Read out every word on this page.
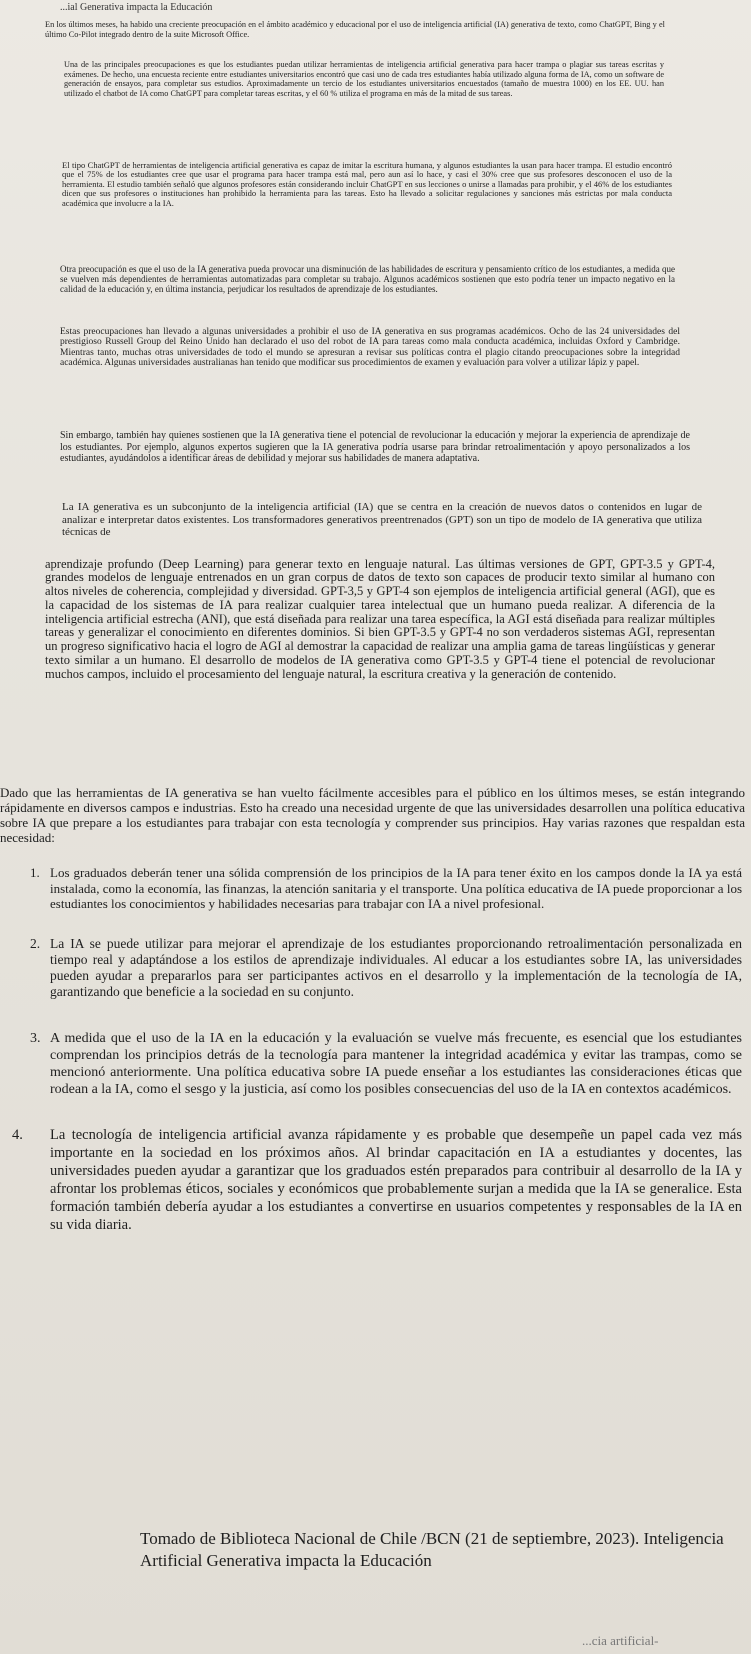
...ial Generativa impacta la Educación

En los últimos meses, ha habido una creciente preocupación en el ámbito académico y educacional por el uso de inteligencia artificial (IA) generativa de texto, como ChatGPT, Bing y el último Co-Pilot integrado dentro de la suite Microsoft Office.

Una de las principales preocupaciones es que los estudiantes puedan utilizar herramientas de inteligencia artificial generativa para hacer trampa o plagiar sus tareas escritas y exámenes. De hecho, una encuesta reciente entre estudiantes universitarios encontró que casi uno de cada tres estudiantes había utilizado alguna forma de IA, como un software de generación de ensayos, para completar sus estudios. Aproximadamente un tercio de los estudiantes universitarios encuestados (tamaño de muestra 1000) en los EE. UU. han utilizado el chatbot de IA como ChatGPT para completar tareas escritas, y el 60 % utiliza el programa en más de la mitad de sus tareas.

El tipo ChatGPT de herramientas de inteligencia artificial generativa es capaz de imitar la escritura humana, y algunos estudiantes la usan para hacer trampa. El estudio encontró que el 75% de los estudiantes cree que usar el programa para hacer trampa está mal, pero aun así lo hace, y casi el 30% cree que sus profesores desconocen el uso de la herramienta. El estudio también señaló que algunos profesores están considerando incluir ChatGPT en sus lecciones o unirse a llamadas para prohibir, y el 46% de los estudiantes dicen que sus profesores o instituciones han prohibido la herramienta para las tareas. Esto ha llevado a solicitar regulaciones y sanciones más estrictas por mala conducta académica que involucre a la IA.

Otra preocupación es que el uso de la IA generativa pueda provocar una disminución de las habilidades de escritura y pensamiento crítico de los estudiantes, a medida que se vuelven más dependientes de herramientas automatizadas para completar su trabajo. Algunos académicos sostienen que esto podría tener un impacto negativo en la calidad de la educación y, en última instancia, perjudicar los resultados de aprendizaje de los estudiantes.

Estas preocupaciones han llevado a algunas universidades a prohibir el uso de IA generativa en sus programas académicos. Ocho de las 24 universidades del prestigioso Russell Group del Reino Unido han declarado el uso del robot de IA para tareas como mala conducta académica, incluidas Oxford y Cambridge. Mientras tanto, muchas otras universidades de todo el mundo se apresuran a revisar sus políticas contra el plagio citando preocupaciones sobre la integridad académica. Algunas universidades australianas han tenido que modificar sus procedimientos de examen y evaluación para volver a utilizar lápiz y papel.

Sin embargo, también hay quienes sostienen que la IA generativa tiene el potencial de revolucionar la educación y mejorar la experiencia de aprendizaje de los estudiantes. Por ejemplo, algunos expertos sugieren que la IA generativa podría usarse para brindar retroalimentación y apoyo personalizados a los estudiantes, ayudándolos a identificar áreas de debilidad y mejorar sus habilidades de manera adaptativa.

La IA generativa es un subconjunto de la inteligencia artificial (IA) que se centra en la creación de nuevos datos o contenidos en lugar de analizar e interpretar datos existentes. Los transformadores generativos preentrenados (GPT) son un tipo de modelo de IA generativa que utiliza técnicas de

aprendizaje profundo (Deep Learning) para generar texto en lenguaje natural. Las últimas versiones de GPT, GPT-3.5 y GPT-4, grandes modelos de lenguaje entrenados en un gran corpus de datos de texto son capaces de producir texto similar al humano con altos niveles de coherencia, complejidad y diversidad. GPT-3,5 y GPT-4 son ejemplos de inteligencia artificial general (AGI), que es la capacidad de los sistemas de IA para realizar cualquier tarea intelectual que un humano pueda realizar. A diferencia de la inteligencia artificial estrecha (ANI), que está diseñada para realizar una tarea específica, la AGI está diseñada para realizar múltiples tareas y generalizar el conocimiento en diferentes dominios. Si bien GPT-3.5 y GPT-4 no son verdaderos sistemas AGI, representan un progreso significativo hacia el logro de AGI al demostrar la capacidad de realizar una amplia gama de tareas lingüísticas y generar texto similar a un humano. El desarrollo de modelos de IA generativa como GPT-3.5 y GPT-4 tiene el potencial de revolucionar muchos campos, incluido el procesamiento del lenguaje natural, la escritura creativa y la generación de contenido.

Dado que las herramientas de IA generativa se han vuelto fácilmente accesibles para el público en los últimos meses, se están integrando rápidamente en diversos campos e industrias. Esto ha creado una necesidad urgente de que las universidades desarrollen una política educativa sobre IA que prepare a los estudiantes para trabajar con esta tecnología y comprender sus principios. Hay varias razones que respaldan esta necesidad:

1. Los graduados deberán tener una sólida comprensión de los principios de la IA para tener éxito en los campos donde la IA ya está instalada, como la economía, las finanzas, la atención sanitaria y el transporte. Una política educativa de IA puede proporcionar a los estudiantes los conocimientos y habilidades necesarias para trabajar con IA a nivel profesional.
2. La IA se puede utilizar para mejorar el aprendizaje de los estudiantes proporcionando retroalimentación personalizada en tiempo real y adaptándose a los estilos de aprendizaje individuales. Al educar a los estudiantes sobre IA, las universidades pueden ayudar a prepararlos para ser participantes activos en el desarrollo y la implementación de la tecnología de IA, garantizando que beneficie a la sociedad en su conjunto.
3. A medida que el uso de la IA en la educación y la evaluación se vuelve más frecuente, es esencial que los estudiantes comprendan los principios detrás de la tecnología para mantener la integridad académica y evitar las trampas, como se mencionó anteriormente. Una política educativa sobre IA puede enseñar a los estudiantes las consideraciones éticas que rodean a la IA, como el sesgo y la justicia, así como los posibles consecuencias del uso de la IA en contextos académicos.
4. La tecnología de inteligencia artificial avanza rápidamente y es probable que desempeñe un papel cada vez más importante en la sociedad en los próximos años. Al brindar capacitación en IA a estudiantes y docentes, las universidades pueden ayudar a garantizar que los graduados estén preparados para contribuir al desarrollo de la IA y afrontar los problemas éticos, sociales y económicos que probablemente surjan a medida que la IA se generalice. Esta formación también debería ayudar a los estudiantes a convertirse en usuarios competentes y responsables de la IA en su vida diaria.
Tomado de Biblioteca Nacional de Chile /BCN (21 de septiembre, 2023). Inteligencia Artificial Generativa impacta la Educación
...cia artificial-
